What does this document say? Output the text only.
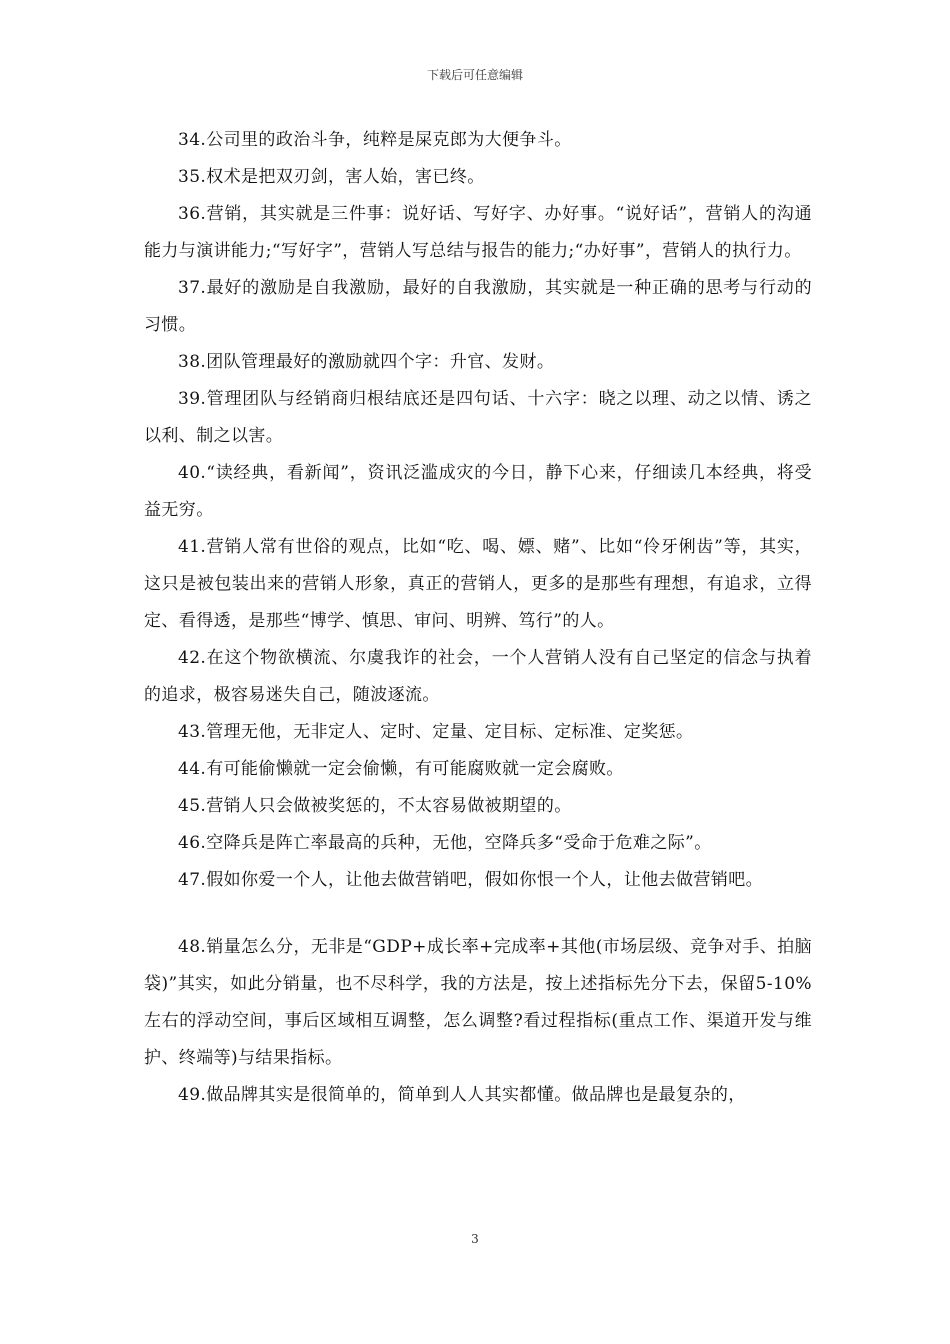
下载后可任意编辑

34.公司里的政治斗争，纯粹是屎克郎为大便争斗。

35.权术是把双刃剑，害人始，害已终。

36.营销，其实就是三件事：说好话、写好字、办好事。“说好话”，营销人的沟通能力与演讲能力;“写好字”，营销人写总结与报告的能力;“办好事”，营销人的执行力。

37.最好的激励是自我激励，最好的自我激励，其实就是一种正确的思考与行动的习惯。

38.团队管理最好的激励就四个字：升官、发财。

39.管理团队与经销商归根结底还是四句话、十六字：晓之以理、动之以情、诱之以利、制之以害。

40.“读经典，看新闻”，资讯泛滥成灾的今日，静下心来，仔细读几本经典，将受益无穷。

41.营销人常有世俗的观点，比如“吃、喝、嫖、赌”、比如“伶牙俐齿”等，其实，这只是被包装出来的营销人形象，真正的营销人，更多的是那些有理想，有追求，立得定、看得透，是那些“博学、慎思、审问、明辨、笃行”的人。

42.在这个物欲横流、尔虞我诈的社会，一个人营销人没有自己坚定的信念与执着的追求，极容易迷失自己，随波逐流。

43.管理无他，无非定人、定时、定量、定目标、定标准、定奖惩。

44.有可能偷懒就一定会偷懒，有可能腐败就一定会腐败。

45.营销人只会做被奖惩的，不太容易做被期望的。

46.空降兵是阵亡率最高的兵种，无他，空降兵多“受命于危难之际”。

47.假如你爱一个人，让他去做营销吧，假如你恨一个人，让他去做营销吧。

48.销量怎么分，无非是“GDP+成长率+完成率+其他(市场层级、竞争对手、拍脑袋)”其实，如此分销量，也不尽科学，我的方法是，按上述指标先分下去，保留5-10%左右的浮动空间，事后区域相互调整，怎么调整?看过程指标(重点工作、渠道开发与维护、终端等)与结果指标。

49.做品牌其实是很简单的，简单到人人其实都懂。做品牌也是最复杂的，

3
